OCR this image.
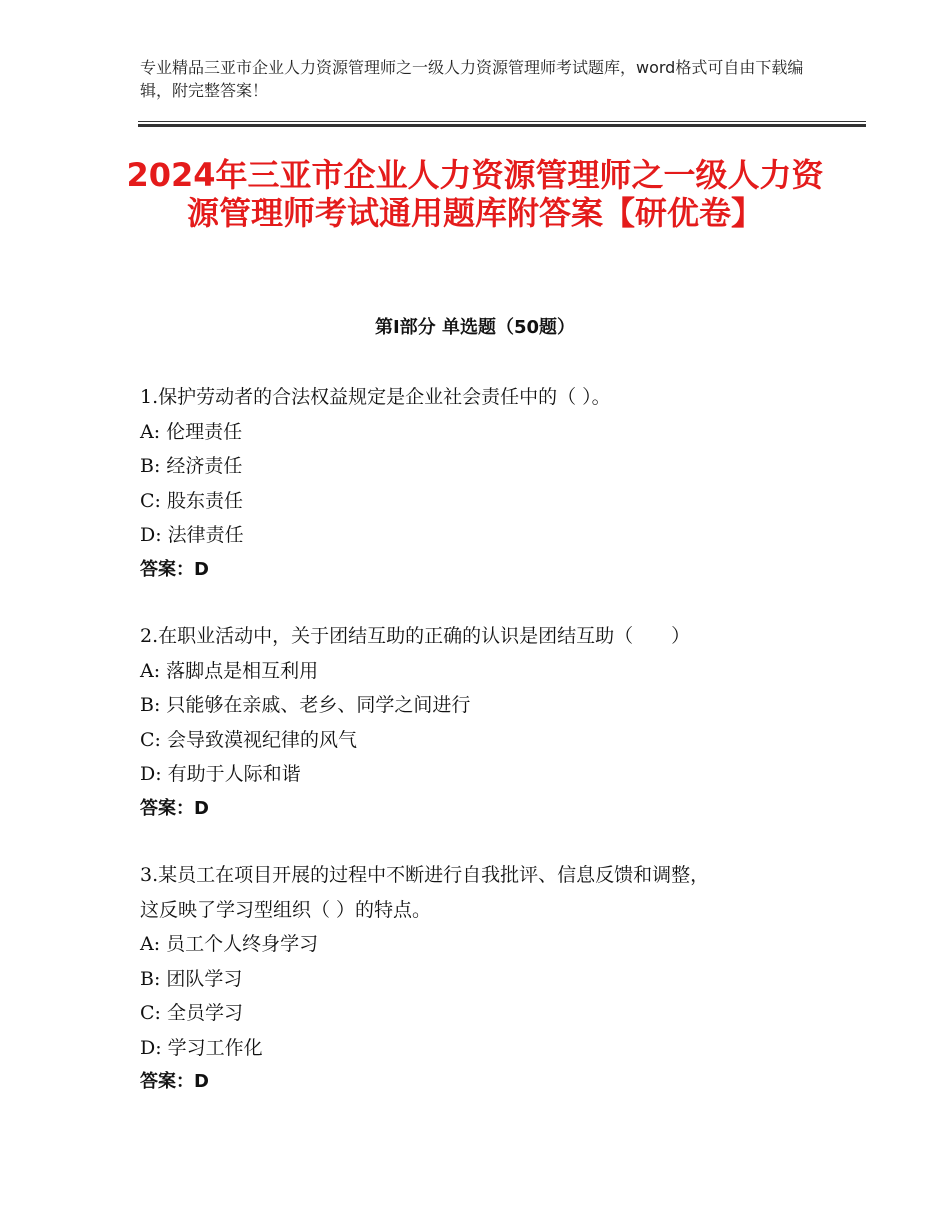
专业精品三亚市企业人力资源管理师之一级人力资源管理师考试题库，word格式可自由下载编辑，附完整答案！
2024年三亚市企业人力资源管理师之一级人力资源管理师考试通用题库附答案【研优卷】
第Ⅰ部分 单选题（50题）
1.保护劳动者的合法权益规定是企业社会责任中的（ ）。
A: 伦理责任
B: 经济责任
C: 股东责任
D: 法律责任
答案：D
2.在职业活动中，关于团结互助的正确的认识是团结互助（　　）
A: 落脚点是相互利用
B: 只能够在亲戚、老乡、同学之间进行
C: 会导致漠视纪律的风气
D: 有助于人际和谐
答案：D
3.某员工在项目开展的过程中不断进行自我批评、信息反馈和调整，
这反映了学习型组织（ ）的特点。
A: 员工个人终身学习
B: 团队学习
C: 全员学习
D: 学习工作化
答案：D
